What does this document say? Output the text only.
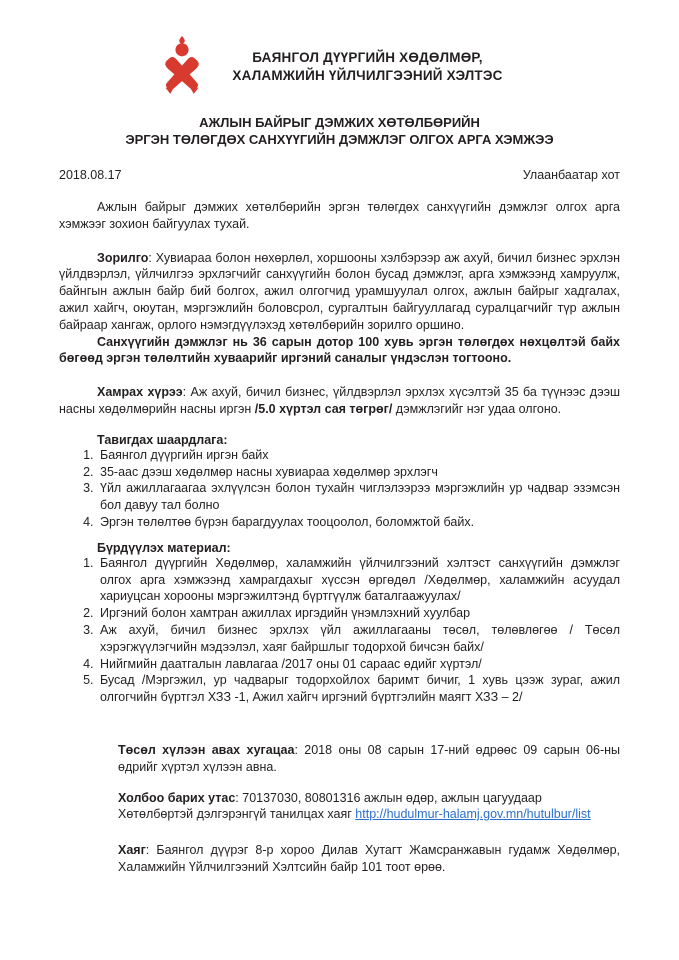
БАЯНГОЛ ДҮҮРГИЙН ХӨДӨЛМӨР,
ХАЛАМЖИЙН ҮЙЛЧИЛГЭЭНИЙ ХЭЛТЭС
АЖЛЫН БАЙРЫГ ДЭМЖИХ ХӨТӨЛБӨРИЙН
ЭРГЭН ТӨЛӨГДӨХ САНХҮҮГИЙН ДЭМЖЛЭГ ОЛГОХ АРГА ХЭМЖЭЭ
2018.08.17	Улаанбаатар хот

Ажлын байрыг дэмжих хөтөлбөрийн эргэн төлөгдөх санхүүгийн дэмжлэг олгох арга хэмжээг зохион байгуулах тухай.

Зорилго: Хувиараа болон нөхөрлөл, хоршооны хэлбэрээр аж ахуй, бичил бизнес эрхлэн үйлдвэрлэл, үйлчилгээ эрхлэгчийг санхүүгийн болон бусад дэмжлэг, арга хэмжээнд хамруулж, байнгын ажлын байр бий болгох, ажил олгогчид урамшуулал олгох, ажлын байрыг хадгалах, ажил хайгч, оюутан, мэргэжлийн боловсрол, сургалтын байгууллагад суралцагчийг түр ажлын байраар хангаж, орлого нэмэгдүүлэхэд хөтөлбөрийн зорилго оршино.

Санхүүгийн дэмжлэг нь 36 сарын дотор 100 хувь эргэн төлөгдөх нөхцөлтэй байх бөгөөд эргэн төлөлтийн хуваарийг иргэний саналыг үндэслэн тогтооно.

Хамрах хүрээ: Аж ахуй, бичил бизнес, үйлдвэрлэл эрхлэх хүсэлтэй 35 ба түүнээс дээш насны хөдөлмөрийн насны иргэн /5.0 хүртэл сая төгрөг/ дэмжлэгийг нэг удаа олгоно.

Тавигдах шаардлага:

1. Баянгол дүүргийн иргэн байх
2. 35-аас дээш хөдөлмөр насны хувиараа хөдөлмөр эрхлэгч
3. Үйл ажиллагаагаа эхлүүлсэн болон тухайн чиглэлээрээ мэргэжлийн ур чадвар эзэмсэн бол давуу тал болно
4. Эргэн төлөлтөө бүрэн барагдуулах тооцоолол, боломжтой байх.

Бүрдүүлэх материал:

1. Баянгол дүүргийн Хөдөлмөр, халамжийн үйлчилгээний хэлтэст санхүүгийн дэмжлэг олгох арга хэмжээнд хамрагдахыг хүссэн өргөдөл /Хөдөлмөр, халамжийн асуудал хариуцсан хорооны мэргэжилтэнд бүртгүүлж баталгаажуулах/
2. Иргэний болон хамтран ажиллах иргэдийн үнэмлэхний хуулбар
3. Аж ахуй, бичил бизнес эрхлэх үйл ажиллагааны төсөл, төлөвлөгөө / Төсөл хэрэгжүүлэгчийн мэдээлэл, хаяг байршлыг тодорхой бичсэн байх/
4. Нийгмийн даатгалын лавлагаа /2017 оны 01 сараас өдийг хүртэл/
5. Бусад /Мэргэжил, ур чадварыг тодорхойлох баримт бичиг, 1 хувь цээж зураг, ажил олгогчийн бүртгэл ХЗЗ -1, Ажил хайгч иргэний бүртгэлийн маягт ХЗЗ – 2/

Төсөл хүлээн авах хугацаа: 2018 оны 08 сарын 17-ний өдрөөс 09 сарын 06-ны өдрийг хүртэл хүлээн авна.

Холбоо барих утас: 70137030, 80801316 ажлын өдөр, ажлын цагуудаар
Хөтөлбөртэй дэлгэрэнгүй танилцах хаяг http://hudulmur-halamj.gov.mn/hutulbur/list

Хаяг: Баянгол дүүрэг 8-р хороо Дилав Хутагт Жамсранжавын гудамж Хөдөлмөр, Халамжийн Үйлчилгээний Хэлтсийн байр 101 тоот өрөө.
